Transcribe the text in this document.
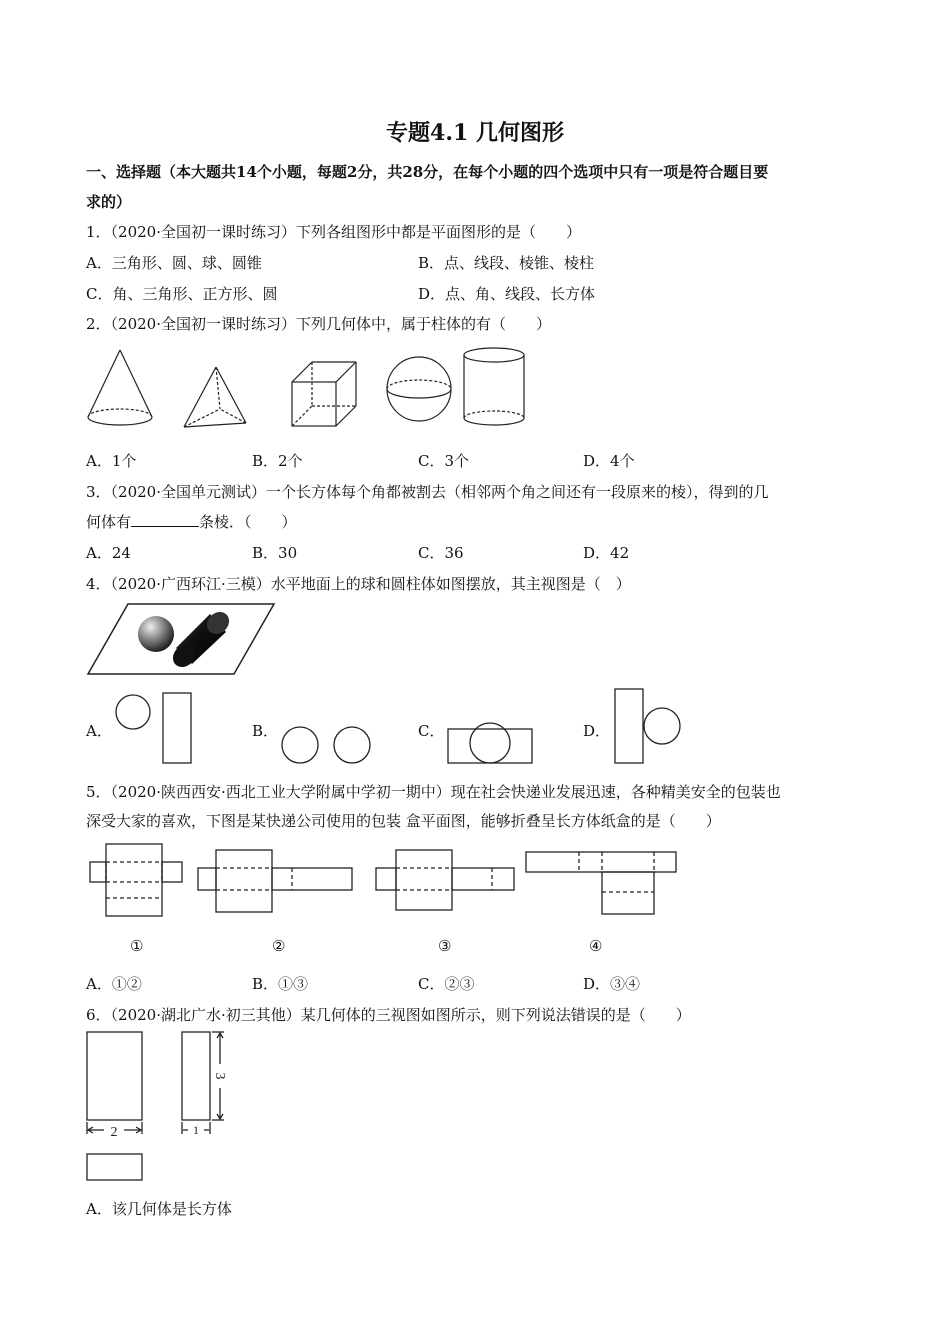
专题4.1 几何图形
一、选择题（本大题共14个小题，每题2分，共28分，在每个小题的四个选项中只有一项是符合题目要
求的）
1．（2020·全国初一课时练习）下列各组图形中都是平面图形的是（　　）
A．三角形、圆、球、圆锥	B．点、线段、棱锥、棱柱
C．角、三角形、正方形、圆	D．点、角、线段、长方体
2．（2020·全国初一课时练习）下列几何体中，属于柱体的有（　　）
A．1个	B．2个	C．3个	D．4个
3．（2020·全国单元测试）一个长方体每个角都被割去（相邻两个角之间还有一段原来的棱），得到的几
何体有	条棱．（　　）
A．24	B．30	C．36	D．42
4．（2020·广西环江·三模）水平地面上的球和圆柱体如图摆放，其主视图是（　）
A．	B．	C．	D．
5．（2020·陕西西安·西北工业大学附属中学初一期中）现在社会快递业发展迅速，各种精美安全的包装也
深受大家的喜欢，下图是某快递公司使用的包装 盒平面图，能够折叠呈长方体纸盒的是（　　）
①	②	③	④
A．①②	B．①③	C．②③	D．③④
6．（2020·湖北广水·初三其他）某几何体的三视图如图所示，则下列说法错误的是（　　）
2	1
3
A．该几何体是长方体
